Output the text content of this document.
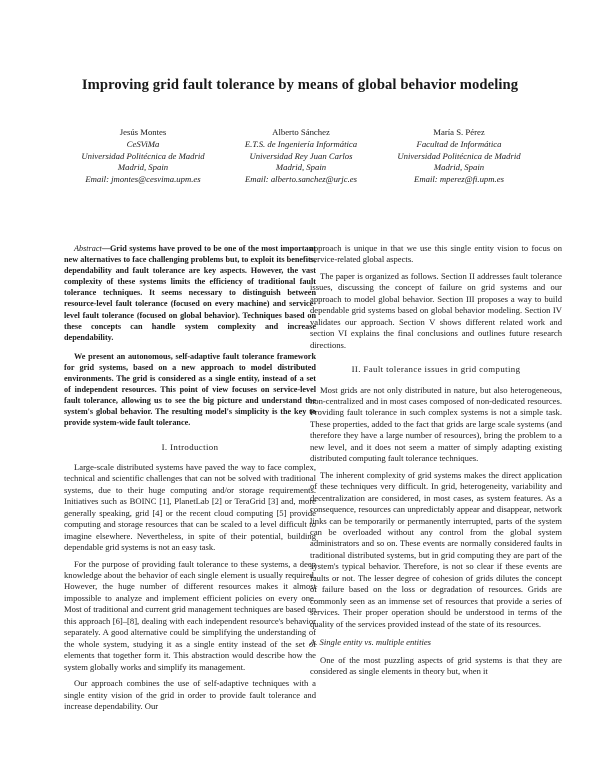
Improving grid fault tolerance by means of global behavior modeling
Jesús Montes
CeSViMa
Universidad Politécnica de Madrid
Madrid, Spain
Email: jmontes@cesvima.upm.es
Alberto Sánchez
E.T.S. de Ingeniería Informática
Universidad Rey Juan Carlos
Madrid, Spain
Email: alberto.sanchez@urjc.es
María S. Pérez
Facultad de Informática
Universidad Politécnica de Madrid
Madrid, Spain
Email: mperez@fi.upm.es

Abstract—Grid systems have proved to be one of the most important new alternatives to face challenging problems but, to exploit its benefits, dependability and fault tolerance are key aspects. However, the vast complexity of these systems limits the efficiency of traditional fault tolerance techniques. It seems necessary to distinguish between resource-level fault tolerance (focused on every machine) and service-level fault tolerance (focused on global behavior). Techniques based on these concepts can handle system complexity and increase dependability.

We present an autonomous, self-adaptive fault tolerance framework for grid systems, based on a new approach to model distributed environments. The grid is considered as a single entity, instead of a set of independent resources. This point of view focuses on service-level fault tolerance, allowing us to see the big picture and understand the system's global behavior. The resulting model's simplicity is the key to provide system-wide fault tolerance.

I. Introduction

Large-scale distributed systems have paved the way to face complex, technical and scientific challenges that can not be solved with traditional systems, due to their huge computing and/or storage requirements. Initiatives such as BOINC [1], PlanetLab [2] or TeraGrid [3] and, more generally speaking, grid [4] or the recent cloud computing [5] provide computing and storage resources that can be scaled to a level difficult to imagine elsewhere. Nevertheless, in spite of their potential, building dependable grid systems is not an easy task.

For the purpose of providing fault tolerance to these systems, a deep knowledge about the behavior of each single element is usually required. However, the huge number of different resources makes it almost impossible to analyze and implement efficient policies on every one. Most of traditional and current grid management techniques are based on this approach [6]–[8], dealing with each independent resource's behavior separately. A good alternative could be simplifying the understanding of the whole system, studying it as a single entity instead of the set of elements that together form it. This abstraction would describe how the system globally works and simplify its management.

Our approach combines the use of self-adaptive techniques with a single entity vision of the grid in order to provide fault tolerance and increase dependability. Our

approach is unique in that we use this single entity vision to focus on service-related global aspects.

The paper is organized as follows. Section II addresses fault tolerance issues, discussing the concept of failure on grid systems and our approach to model global behavior. Section III proposes a way to build dependable grid systems based on global behavior modeling. Section IV validates our approach. Section V shows different related work and section VI explains the final conclusions and outlines future research directions.

II. Fault tolerance issues in grid computing

Most grids are not only distributed in nature, but also heterogeneous, non-centralized and in most cases composed of non-dedicated resources. Providing fault tolerance in such complex systems is not a simple task. These properties, added to the fact that grids are large scale systems (and therefore they have a large number of resources), bring the problem to a new level, and it does not seem a matter of simply adapting existing distributed computing fault tolerance techniques.

The inherent complexity of grid systems makes the direct application of these techniques very difficult. In grid, heterogeneity, variability and decentralization are considered, in most cases, as system features. As a consequence, resources can unpredictably appear and disappear, network links can be temporarily or permanently interrupted, parts of the system can be overloaded without any control from the global system administrators and so on. These events are normally considered faults in traditional distributed systems, but in grid computing they are part of the system's typical behavior. Therefore, is not so clear if these events are faults or not. The lesser degree of cohesion of grids dilutes the concept of failure based on the loss or degradation of resources. Grids are commonly seen as an immense set of resources that provide a series of services. Their proper operation should be understood in terms of the quality of the services provided instead of the state of its resources.

A. Single entity vs. multiple entities

One of the most puzzling aspects of grid systems is that they are considered as single elements in theory but, when it
